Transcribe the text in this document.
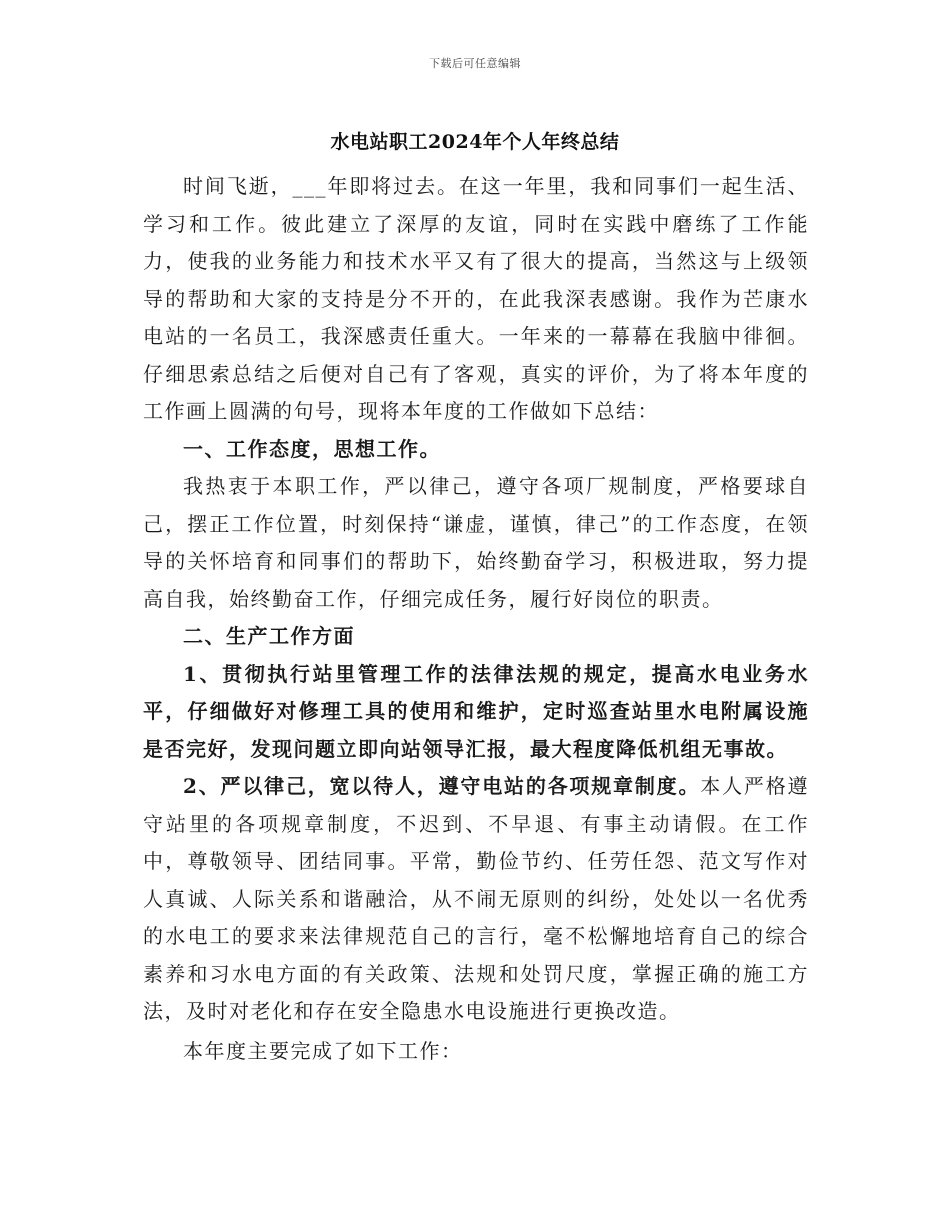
下载后可任意编辑
水电站职工2024年个人年终总结

时间飞逝，___年即将过去。在这一年里，我和同事们一起生活、学习和工作。彼此建立了深厚的友谊，同时在实践中磨练了工作能力，使我的业务能力和技术水平又有了很大的提高，当然这与上级领导的帮助和大家的支持是分不开的，在此我深表感谢。我作为芒康水电站的一名员工，我深感责任重大。一年来的一幕幕在我脑中徘徊。仔细思索总结之后便对自己有了客观，真实的评价，为了将本年度的工作画上圆满的句号，现将本年度的工作做如下总结：

一、工作态度，思想工作。

我热衷于本职工作，严以律己，遵守各项厂规制度，严格要球自己，摆正工作位置，时刻保持“谦虚，谨慎，律己”的工作态度，在领导的关怀培育和同事们的帮助下，始终勤奋学习，积极进取，努力提高自我，始终勤奋工作，仔细完成任务，履行好岗位的职责。

二、生产工作方面

1、贯彻执行站里管理工作的法律法规的规定，提高水电业务水平，仔细做好对修理工具的使用和维护，定时巡查站里水电附属设施是否完好，发现问题立即向站领导汇报，最大程度降低机组无事故。

2、严以律己，宽以待人，遵守电站的各项规章制度。本人严格遵守站里的各项规章制度，不迟到、不早退、有事主动请假。在工作中，尊敬领导、团结同事。平常，勤俭节约、任劳任怨、范文写作对人真诚、人际关系和谐融洽，从不闹无原则的纠纷，处处以一名优秀的水电工的要求来法律规范自己的言行，毫不松懈地培育自己的综合素养和习水电方面的有关政策、法规和处罚尺度，掌握正确的施工方法，及时对老化和存在安全隐患水电设施进行更换改造。

本年度主要完成了如下工作：
